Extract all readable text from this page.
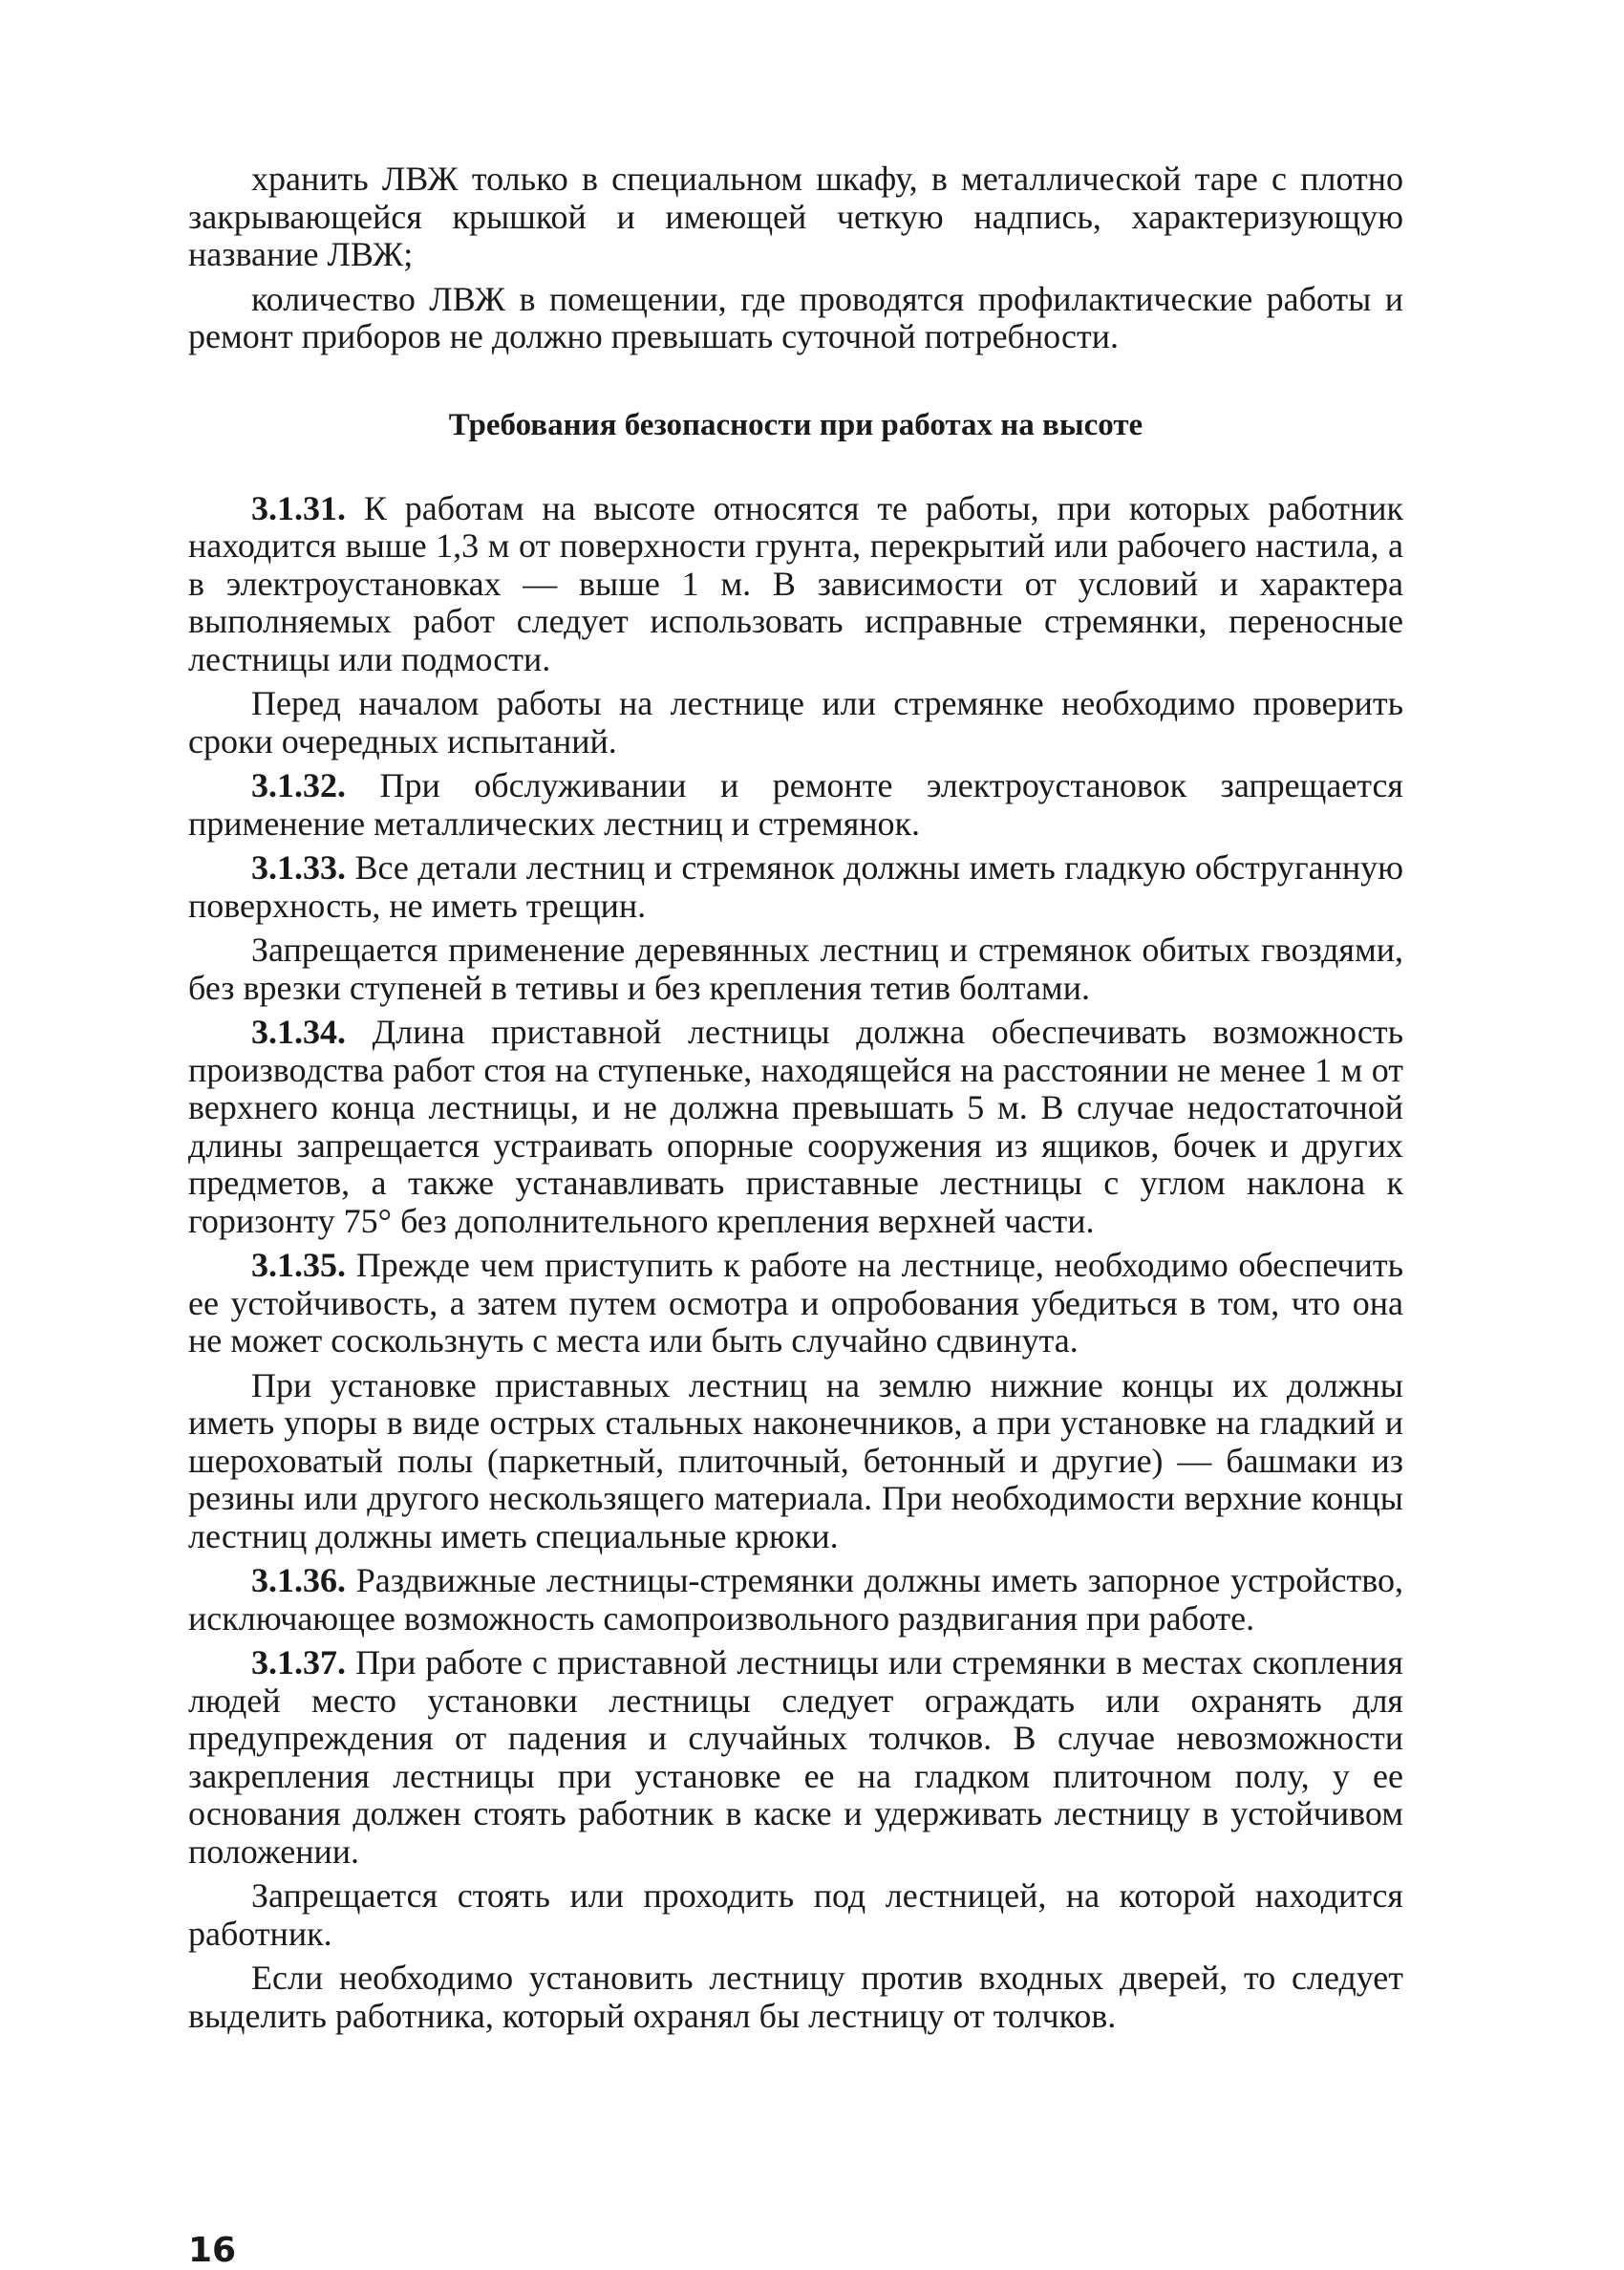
хранить ЛВЖ только в специальном шкафу, в металлической таре с плотно закрывающейся крышкой и имеющей четкую надпись, характеризующую название ЛВЖ;

количество ЛВЖ в помещении, где проводятся профилактические работы и ремонт приборов не должно превышать суточной потребности.

Требования безопасности при работах на высоте

3.1.31. К работам на высоте относятся те работы, при которых работник находится выше 1,3 м от поверхности грунта, перекрытий или рабочего настила, а в электроустановках — выше 1 м. В зависимости от условий и характера выполняемых работ следует использовать исправные стремянки, переносные лестницы или подмости.

Перед началом работы на лестнице или стремянке необходимо проверить сроки очередных испытаний.

3.1.32. При обслуживании и ремонте электроустановок запрещается применение металлических лестниц и стремянок.

3.1.33. Все детали лестниц и стремянок должны иметь гладкую обструганную поверхность, не иметь трещин.

Запрещается применение деревянных лестниц и стремянок обитых гвоздями, без врезки ступеней в тетивы и без крепления тетив болтами.

3.1.34. Длина приставной лестницы должна обеспечивать возможность производства работ стоя на ступеньке, находящейся на расстоянии не менее 1 м от верхнего конца лестницы, и не должна превышать 5 м. В случае недостаточной длины запрещается устраивать опорные сооружения из ящиков, бочек и других предметов, а также устанавливать приставные лестницы с углом наклона к горизонту 75° без дополнительного крепления верхней части.

3.1.35. Прежде чем приступить к работе на лестнице, необходимо обеспечить ее устойчивость, а затем путем осмотра и опробования убедиться в том, что она не может соскользнуть с места или быть случайно сдвинута.

При установке приставных лестниц на землю нижние концы их должны иметь упоры в виде острых стальных наконечников, а при установке на гладкий и шероховатый полы (паркетный, плиточный, бетонный и другие) — башмаки из резины или другого нескользящего материала. При необходимости верхние концы лестниц должны иметь специальные крюки.

3.1.36. Раздвижные лестницы-стремянки должны иметь запорное устройство, исключающее возможность самопроизвольного раздвигания при работе.

3.1.37. При работе с приставной лестницы или стремянки в местах скопления людей место установки лестницы следует ограждать или охранять для предупреждения от падения и случайных толчков. В случае невозможности закрепления лестницы при установке ее на гладком плиточном полу, у ее основания должен стоять работник в каске и удерживать лестницу в устойчивом положении.

Запрещается стоять или проходить под лестницей, на которой находится работник.

Если необходимо установить лестницу против входных дверей, то следует выделить работника, который охранял бы лестницу от толчков.

16
